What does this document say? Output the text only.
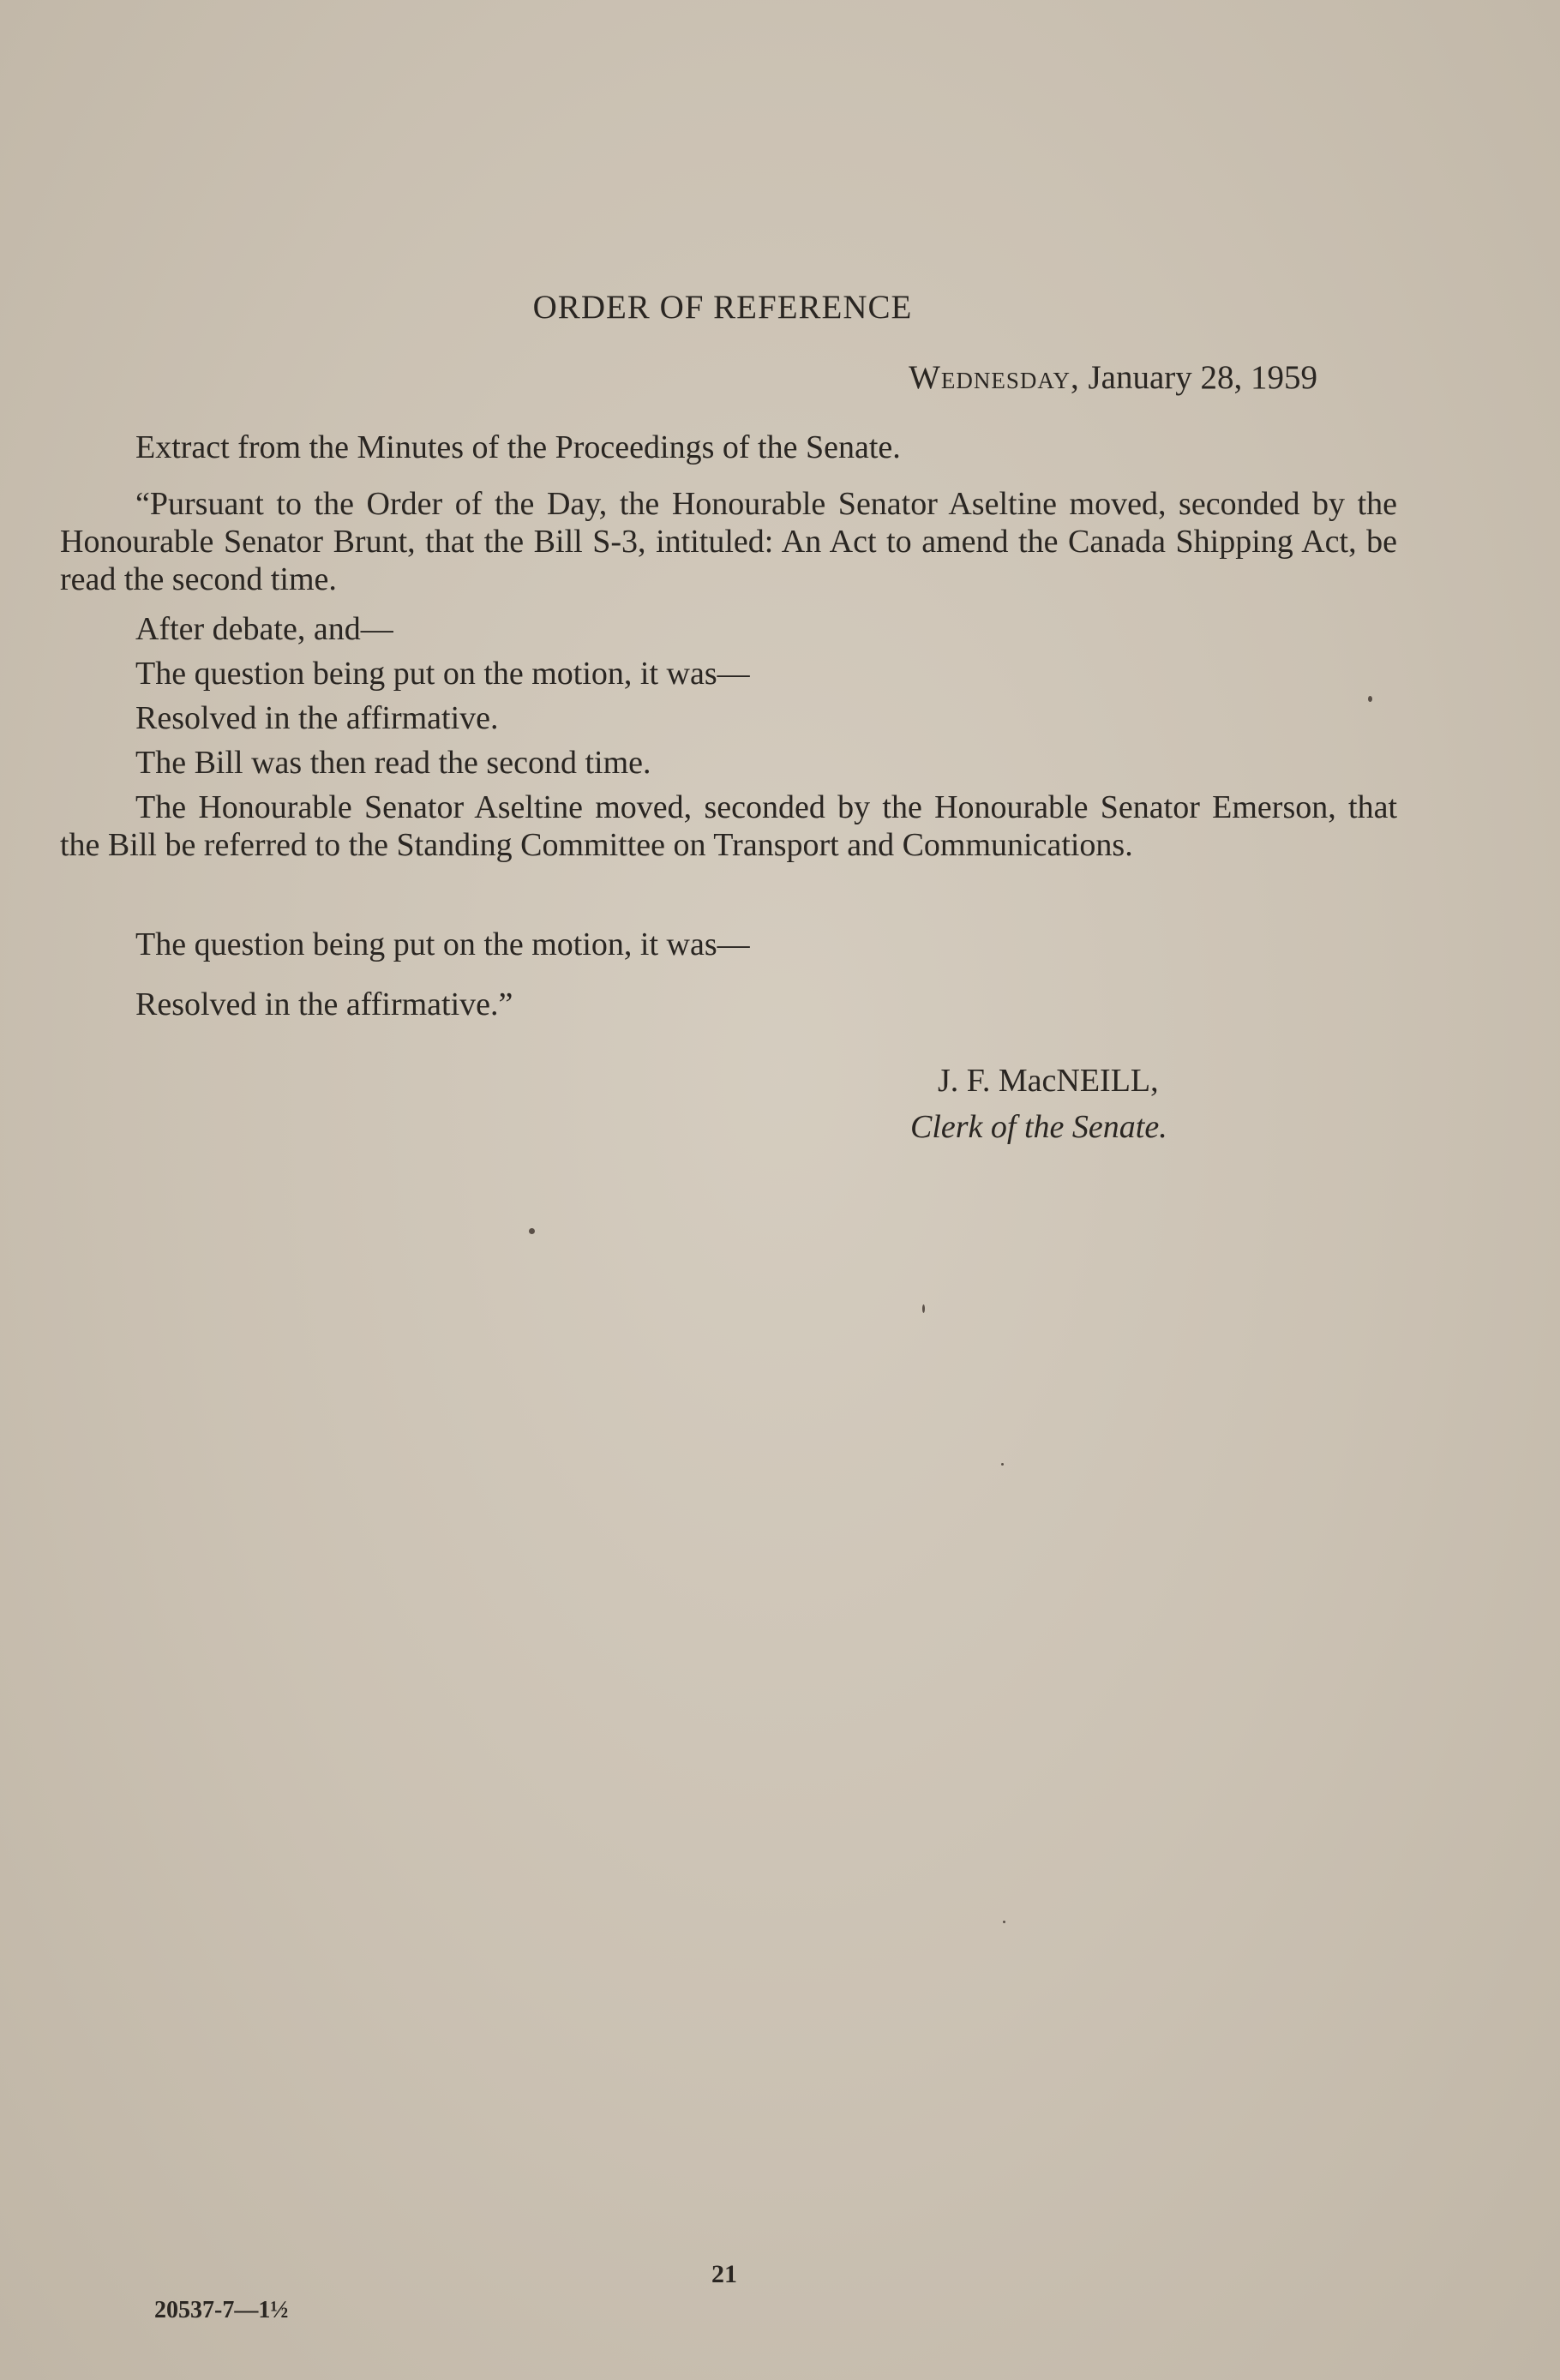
ORDER OF REFERENCE
Wednesday, January 28, 1959
Extract from the Minutes of the Proceedings of the Senate.
“Pursuant to the Order of the Day, the Honourable Senator Aseltine moved, seconded by the Honourable Senator Brunt, that the Bill S-3, intituled: An Act to amend the Canada Shipping Act, be read the second time.
After debate, and—
The question being put on the motion, it was—
Resolved in the affirmative.
The Bill was then read the second time.
The Honourable Senator Aseltine moved, seconded by the Honourable Senator Emerson, that the Bill be referred to the Standing Committee on Transport and Communications.
The question being put on the motion, it was—
Resolved in the affirmative.”
J. F. MacNEILL,
Clerk of the Senate.
21
20537-7—1½
